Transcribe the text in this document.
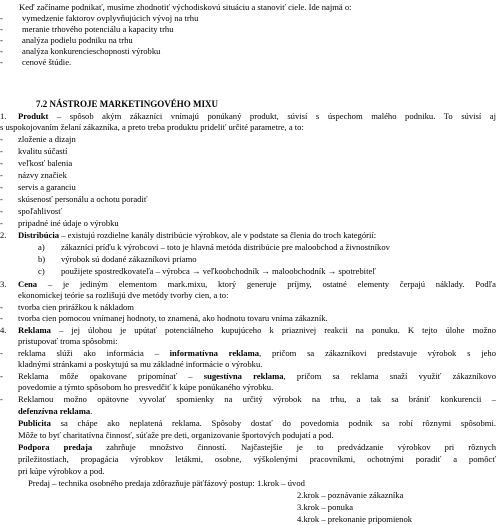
Keď začíname podnikať, musíme zhodnotiť východiskovú situáciu a stanoviť ciele. Ide najmä o:
- vymedzenie faktorov ovplyvňujúcich vývoj na trhu
- meranie trhového potenciálu a kapacity trhu
- analýza podielu podniku na trhu
- analýza konkurencieschopnosti výrobku
- cenové štúdie.
7.2 NÁSTROJE MARKETINGOVÉHO MIXU
1. Produkt – spôsob akým zákazníci vnímajú ponúkaný produkt, súvisí s úspechom malého podniku. To súvisí aj
s uspokojovaním želaní zákazníka, a preto treba produktu prideliť určité parametre, a to:
- zloženie a dizajn
- kvalitu súčastí
- veľkosť balenia
- názvy značiek
- servis a garanciu
- skúsenosť personálu a ochotu poradiť
- spoľahlivosť
- pripadné iné údaje o výrobku
2. Distribúcia – existujú rozdielne kanály distribúcie výrobkov, ale v podstate sa členia do troch kategórií:
a) zákazníci príďu k výrobcovi – toto je hlavná metóda distribúcie pre maloobchod a živnostníkov
b) výrobok sú dodané zákazníkovi priamo
c) použijete spostredkovateľa – výrobca → veľkoobchodník → maloobchodník → spotrebiteľ
3. Cena – je jediným elementom mark.mixu, ktorý generuje príjmy, ostatné elementy čerpajú náklady. Podľa
ekonomickej teórie sa rozlišujú dve metódy tvorby cien, a to:
- tvorba cien prirážkou k nákladom
- tvorba cien pomocou vnímanej hodnoty, to znamená, ako hodnotu tovaru vníma zákazník.
4. Reklama – jej úlohou je upútať potenciálneho kupujúceho k priaznivej reakcii na ponuku. K tejto úlohe možno
pristupovať troma spôsobmi:
- reklama slúži ako informácia – informatívna reklama, pričom sa zákazníkovi predstavuje výrobok s jeho
kladnými stránkami a poskytujú sa mu základné informácie o výrobku.
- Reklama môže opakovane pripomínať – sugestívna reklama, pričom sa reklama snaží využiť zákazníkovo
povedomie a týmto spôsobom ho presvedčiť k kúpe ponúkaného výrobku.
- Reklamou možno opätovne vyvolať spomienky na určitý výrobok na trhu, a tak sa brániť konkurencii –
defenzívna reklama.
Publicita sa chápe ako neplatená reklama. Spôsoby dostať do povedomia podnik sa robí rôznymi spôsobmi.
Môže to byť charitatívna činnosť, súťaže pre deti, organizovanie športových podujatí a pod.
Podpora predaja zahrňuje množstvo činností. Najčastejšie je to predvádzanie výrobkov pri rôznych
príležitostiach, propagácia výrobkov letákmi, osobne, výškolenými pracovníkmi, ochotnými poradiť a pomôcť
pri kúpe výrobkov a pod.
Predaj – technika osobného predaja zdôrazňuje päťfázový postup: 1.krok – úvod
2.krok – poznávanie zákazníka
3.krok – ponuka
4.krok – prekonanie pripomienok
